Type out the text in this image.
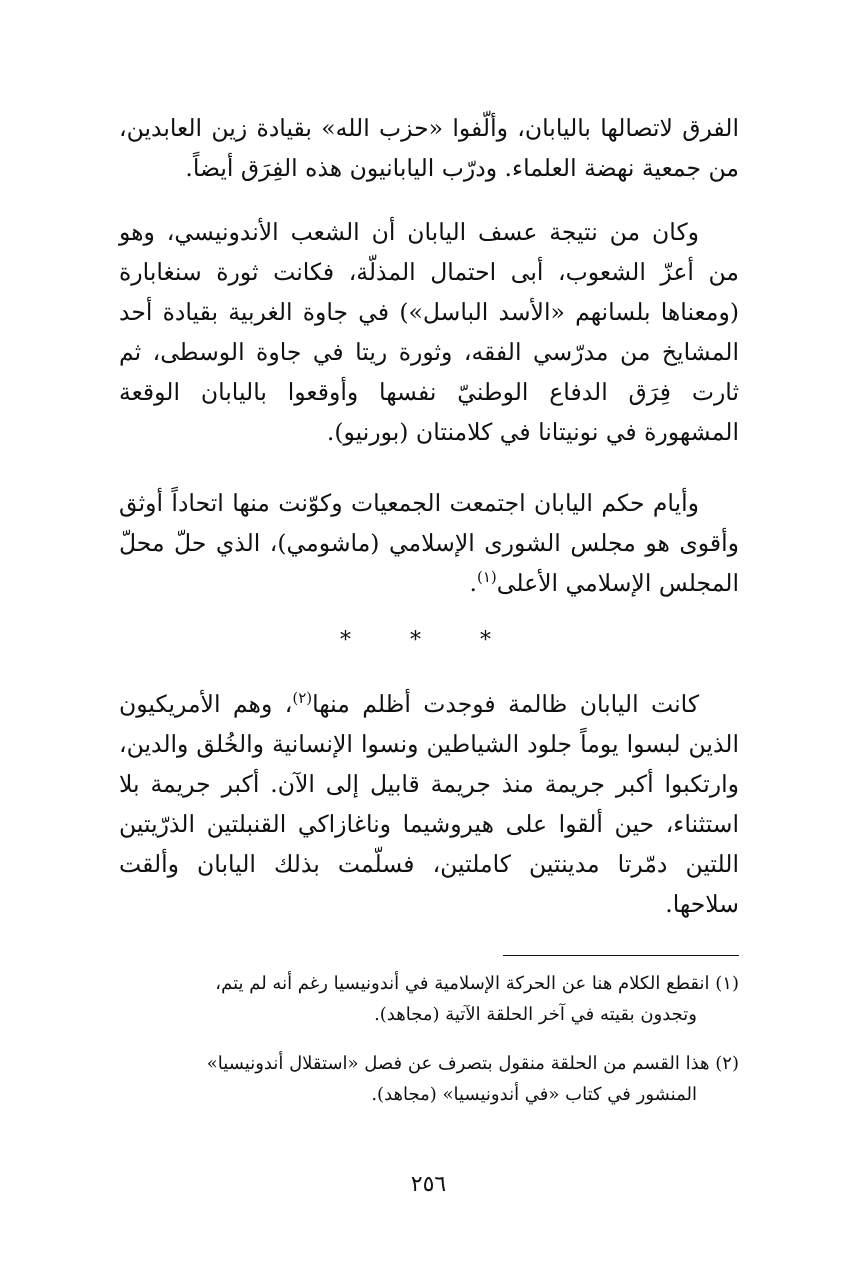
الفرق لاتصالها باليابان، وألّفوا «حزب الله» بقيادة زين العابدين، من جمعية نهضة العلماء. ودرّب اليابانيون هذه الفِرَق أيضاً.

وكان من نتيجة عسف اليابان أن الشعب الأندونيسي، وهو من أعزّ الشعوب، أبى احتمال المذلّة، فكانت ثورة سنغابارة (ومعناها بلسانهم «الأسد الباسل») في جاوة الغربية بقيادة أحد المشايخ من مدرّسي الفقه، وثورة ريتا في جاوة الوسطى، ثم ثارت فِرَق الدفاع الوطنيّ نفسها وأوقعوا باليابان الوقعة المشهورة في نونيتانا في كلامنتان (بورنيو).

وأيام حكم اليابان اجتمعت الجمعيات وكوّنت منها اتحاداً أوثق وأقوى هو مجلس الشورى الإسلامي (ماشومي)، الذي حلّ محلّ المجلس الإسلامي الأعلى$^{(١)}$.

* * *

كانت اليابان ظالمة فوجدت أظلم منها$^{(٢)}$، وهم الأمريكيون الذين لبسوا يوماً جلود الشياطين ونسوا الإنسانية والخُلق والدين، وارتكبوا أكبر جريمة منذ جريمة قابيل إلى الآن. أكبر جريمة بلا استثناء، حين ألقوا على هيروشيما وناغازاكي القنبلتين الذرّيتين اللتين دمّرتا مدينتين كاملتين، فسلّمت بذلك اليابان وألقت سلاحها.

(١) انقطع الكلام هنا عن الحركة الإسلامية في أندونيسيا رغم أنه لم يتم،
وتجدون بقيته في آخر الحلقة الآتية (مجاهد).
(٢) هذا القسم من الحلقة منقول بتصرف عن فصل «استقلال أندونيسيا»
المنشور في كتاب «في أندونيسيا» (مجاهد).
٢٥٦
